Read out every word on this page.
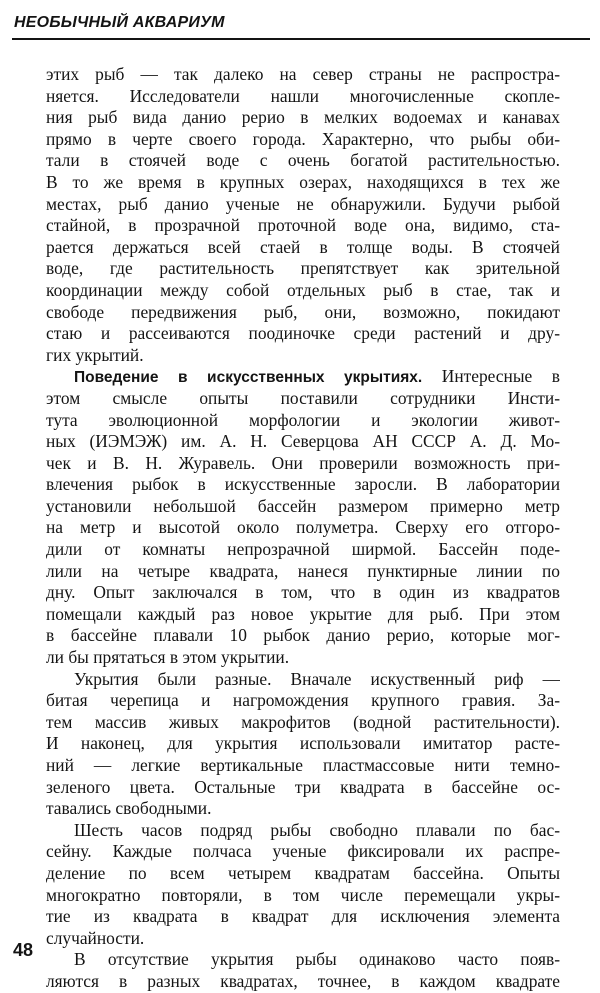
НЕОБЫЧНЫЙ АКВАРИУМ
этих рыб — так далеко на север страны не распростра-
няется. Исследователи нашли многочисленные скопле-
ния рыб вида данио рерио в мелких водоемах и канавах
прямо в черте своего города. Характерно, что рыбы оби-
тали в стоячей воде с очень богатой растительностью.
В то же время в крупных озерах, находящихся в тех же
местах, рыб данио ученые не обнаружили. Будучи рыбой
стайной, в прозрачной проточной воде она, видимо, ста-
рается держаться всей стаей в толще воды. В стоячей
воде, где растительность препятствует как зрительной
координации между собой отдельных рыб в стае, так и
свободе передвижения рыб, они, возможно, покидают
стаю и рассеиваются поодиночке среди растений и дру-
гих укрытий.
Поведение в искусственных укрытиях. Интересные в
этом смысле опыты поставили сотрудники Инсти-
тута эволюционной морфологии и экологии живот-
ных (ИЭМЭЖ) им. А. Н. Северцова АН СССР А. Д. Мо-
чек и В. Н. Журавель. Они проверили возможность при-
влечения рыбок в искусственные заросли. В лаборатории
установили небольшой бассейн размером примерно метр
на метр и высотой около полуметра. Сверху его отгоро-
дили от комнаты непрозрачной ширмой. Бассейн поде-
лили на четыре квадрата, нанеся пунктирные линии по
дну. Опыт заключался в том, что в один из квадратов
помещали каждый раз новое укрытие для рыб. При этом
в бассейне плавали 10 рыбок данио рерио, которые мог-
ли бы прятаться в этом укрытии.
Укрытия были разные. Вначале искуственный риф —
битая черепица и нагромождения крупного гравия. За-
тем массив живых макрофитов (водной растительности).
И наконец, для укрытия использовали имитатор расте-
ний — легкие вертикальные пластмассовые нити темно-
зеленого цвета. Остальные три квадрата в бассейне ос-
тавались свободными.
Шесть часов подряд рыбы свободно плавали по бас-
сейну. Каждые полчаса ученые фиксировали их распре-
деление по всем четырем квадратам бассейна. Опыты
многократно повторяли, в том числе перемещали укры-
тие из квадрата в квадрат для исключения элемента
случайности.
В отсутствие укрытия рыбы одинаково часто появ-
ляются в разных квадратах, точнее, в каждом квадрате
48
